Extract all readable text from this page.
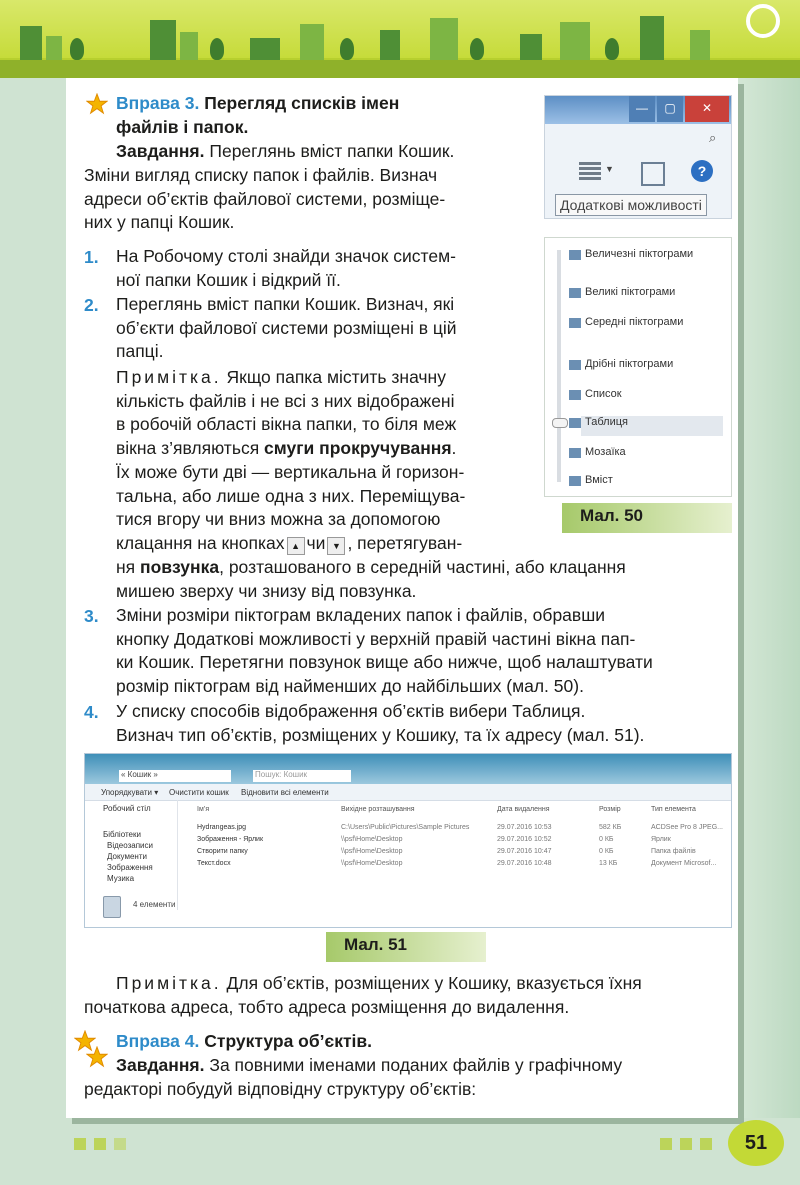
Вправа 3. Перегляд списків імен
файлів і папок.
Завдання. Переглянь вміст папки Кошик.
Зміни вигляд списку папок і файлів. Визнач
адреси об’єктів файлової системи, розміще-
них у папці Кошик.
1. На Робочому столі знайди значок систем-
ної папки Кошик і відкрий її.
2. Переглянь вміст папки Кошик. Визнач, які
об’єкти файлової системи розміщені в цій
папці.
Примітка. Якщо папка містить значну
кількість файлів і не всі з них відображені
в робочій області вікна папки, то біля меж
вікна з’являються смуги прокручування.
Їх може бути дві — вертикальна й горизон-
тальна, або лише одна з них. Переміщува-
тися вгору чи вниз можна за допомогою
клацання на кнопках ▲ чи ▼ , перетягуван-
ня повзунка, розташованого в середній частині, або клацання
мишею зверху чи знизу від повзунка.
3. Зміни розміри піктограм вкладених папок і файлів, обравши
кнопку Додаткові можливості у верхній правій частині вікна пап-
ки Кошик. Перетягни повзунок вище або нижче, щоб налаштувати
розмір піктограм від найменших до найбільших (мал. 50).
4. У списку способів відображення об’єктів вибери Таблиця.
Визнач тип об’єктів, розміщених у Кошику, та їх адресу (мал. 51).
—	▢	✕
⌕
▼	?
Додаткові можливості
Величезні піктограми
Великі піктограми
Середні піктограми
Дрібні піктограми
Список
Таблиця
Мозаїка
Вміст
Мал. 50
« Кошик »	Пошук: Кошик
Упорядкувати ▾ Очистити кошик Відновити всі елементи
Робочий стіл
Бібліотеки
Відеозаписи
Документи
Зображення
Музика
Ім’я	Вихідне розташування	Дата видалення	Розмір	Тип елемента
Hydrangeas.jpg	C:\Users\Public\Pictures\Sample Pictures	29.07.2016 10:53	582 КБ	ACDSee Pro 8 JPEG...
Зображення - Ярлик	\\psf\Home\Desktop	29.07.2016 10:52	0 КБ	Ярлик
Створити папку	\\psf\Home\Desktop	29.07.2016 10:47	0 КБ	Папка файлів
Текст.docx	\\psf\Home\Desktop	29.07.2016 10:48	13 КБ	Документ Microsof...
4 елементи
Мал. 51
Примітка. Для об’єктів, розміщених у Кошику, вказується їхня
початкова адреса, тобто адреса розміщення до видалення.
Вправа 4. Структура об’єктів.
Завдання. За повними іменами поданих файлів у графічному
редакторі побудуй відповідну структуру об’єктів:
51
